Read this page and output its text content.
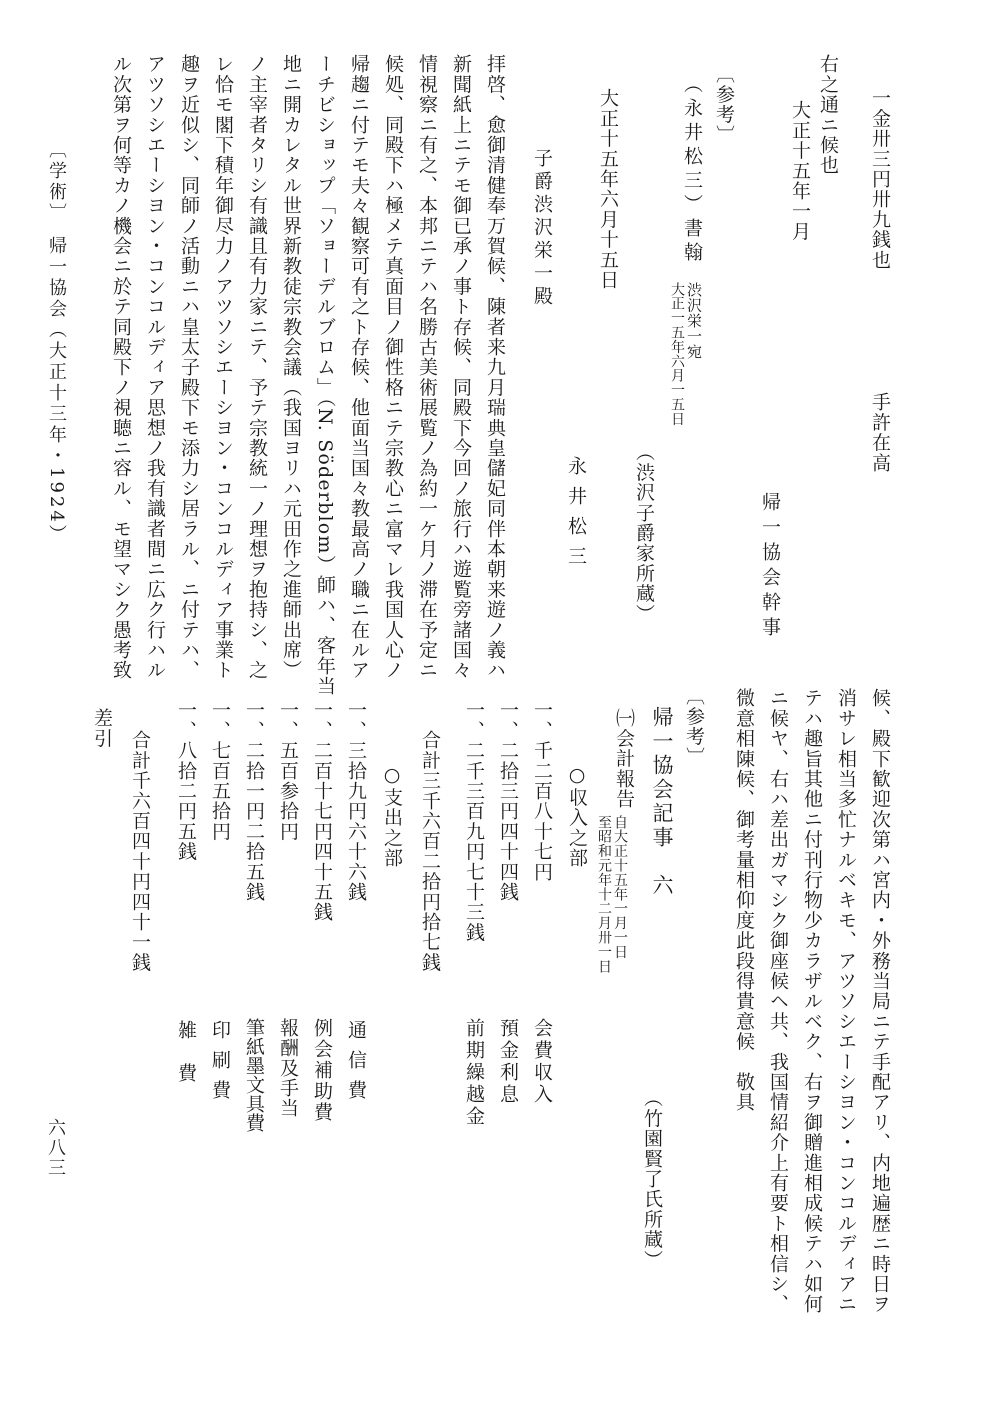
一金卅三円卅九銭也
手許在高
右之通ニ候也
大正十五年一月
帰一協会幹事
〔参考〕
（永井松三）書翰
渋沢栄一宛
大正一五年六月一五日
（渋沢子爵家所蔵）
大正十五年六月十五日
永井松三
子爵渋沢栄一殿
拝啓、愈御清健奉万賀候、陳者来九月瑞典皇儲妃同伴本朝来遊ノ義ハ
新聞紙上ニテモ御已承ノ事ト存候、同殿下今回ノ旅行ハ遊覧旁諸国々
情視察ニ有之、本邦ニテハ名勝古美術展覧ノ為約一ケ月ノ滞在予定ニ
候処、同殿下ハ極メテ真面目ノ御性格ニテ宗教心ニ富マレ我国人心ノ
帰趨ニ付テモ夫々観察可有之ト存候、他面当国々教最高ノ職ニ在ルア
ーチビショップ「ソョーデルブロム」（N. Söderblom）師ハ、客年当
地ニ開カレタル世界新教徒宗教会議（我国ヨリハ元田作之進師出席）
ノ主宰者タリシ有識且有力家ニテ、予テ宗教統一ノ理想ヲ抱持シ、之
レ恰モ閣下積年御尽力ノアツソシエーシヨン・コンコルディア事業ト
趣ヲ近似シ、同師ノ活動ニハ皇太子殿下モ添力シ居ラル、ニ付テハ、
アツソシエーシヨン・コンコルディア思想ノ我有識者間ニ広ク行ハル
ル次第ヲ何等カノ機会ニ於テ同殿下ノ視聴ニ容ル、モ望マシク愚考致
〔学術〕　帰一協会（大正十三年・1924）
候、殿下歓迎次第ハ宮内・外務当局ニテ手配アリ、内地遍歴ニ時日ヲ
消サレ相当多忙ナルベキモ、アツソシエーシヨン・コンコルディアニ
テハ趣旨其他ニ付刊行物少カラザルベク、右ヲ御贈進相成候テハ如何
ニ候ヤ、右ハ差出ガマシク御座候ヘ共、我国情紹介上有要ト相信シ、
微意相陳候、御考量相仰度此段得貴意候　敬具
（竹園賢了氏所蔵）
〔参考〕
帰一協会記事　六
㈠会計報告
自大正十五年一月一日
至昭和元年十二月卅一日
○収入之部
一、千二百八十七円
会費収入
一、二拾三円四十四銭
預金利息
一、二千三百九円七十三銭
前期繰越金
合計三千六百二拾円拾七銭
○支出之部
一、三拾九円六十六銭
通信費
一、二百十七円四十五銭
例会補助費
一、五百参拾円
報酬及手当
一、二拾一円二拾五銭
筆紙墨文具費
一、七百五拾円
印刷費
一、八拾二円五銭
雑費
合計千六百四十円四十一銭
差引
六八三
